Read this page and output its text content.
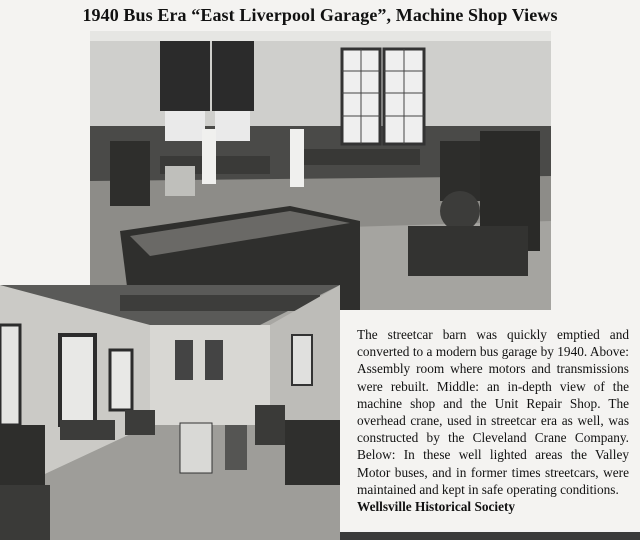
1940 Bus Era “East Liverpool Garage”, Machine Shop Views
The streetcar barn was quickly emptied and converted to a modern bus garage by 1940. Above: Assembly room where motors and transmissions were rebuilt. Middle: an in-depth view of the machine shop and the Unit Repair Shop. The overhead crane, used in streetcar era as well, was constructed by the Cleveland Crane Company. Below: In these well lighted areas the Valley Motor buses, and in former times streetcars, were maintained and kept in safe operating conditions.
Wellsville Historical Society
